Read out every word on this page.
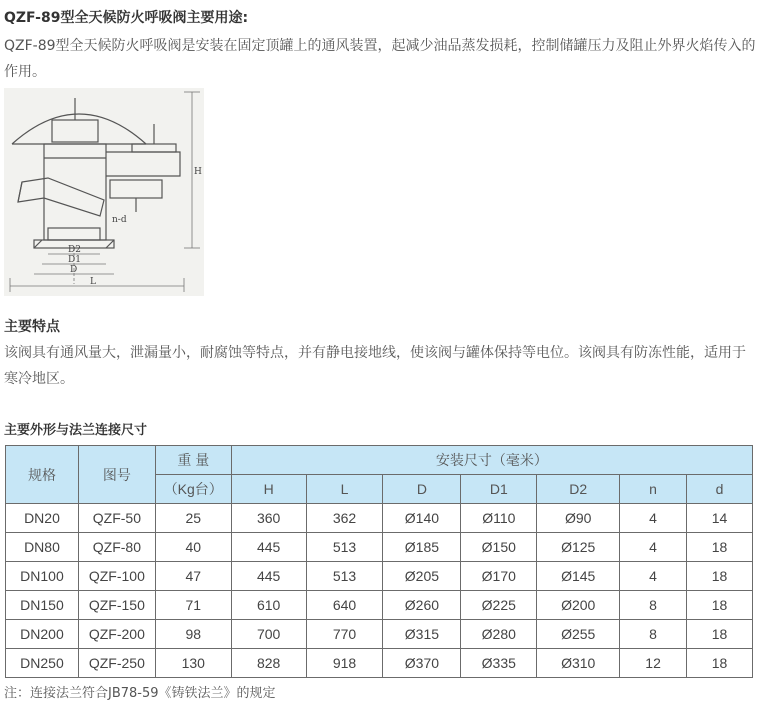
QZF-89型全天候防火呼吸阀主要用途:

QZF-89型全天候防火呼吸阀是安装在固定顶罐上的通风装置，起减少油品蒸发损耗，控制储罐压力及阻止外界火焰传入的作用。

H
D2
D1
D
L
n-d
主要特点

该阀具有通风量大，泄漏量小，耐腐蚀等特点，并有静电接地线，使该阀与罐体保持等电位。该阀具有防冻性能，适用于寒冷地区。

主要外形与法兰连接尺寸
规格	图号	重 量	安装尺寸（毫米）						
		（Kg台）	H	L	D	D1	D2	n	d
DN20	QZF-50	25	360	362	Ø140	Ø110	Ø90	4	14
DN80	QZF-80	40	445	513	Ø185	Ø150	Ø125	4	18
DN100	QZF-100	47	445	513	Ø205	Ø170	Ø145	4	18
DN150	QZF-150	71	610	640	Ø260	Ø225	Ø200	8	18
DN200	QZF-200	98	700	770	Ø315	Ø280	Ø255	8	18
DN250	QZF-250	130	828	918	Ø370	Ø335	Ø310	12	18

注：连接法兰符合JB78-59《铸铁法兰》的规定
